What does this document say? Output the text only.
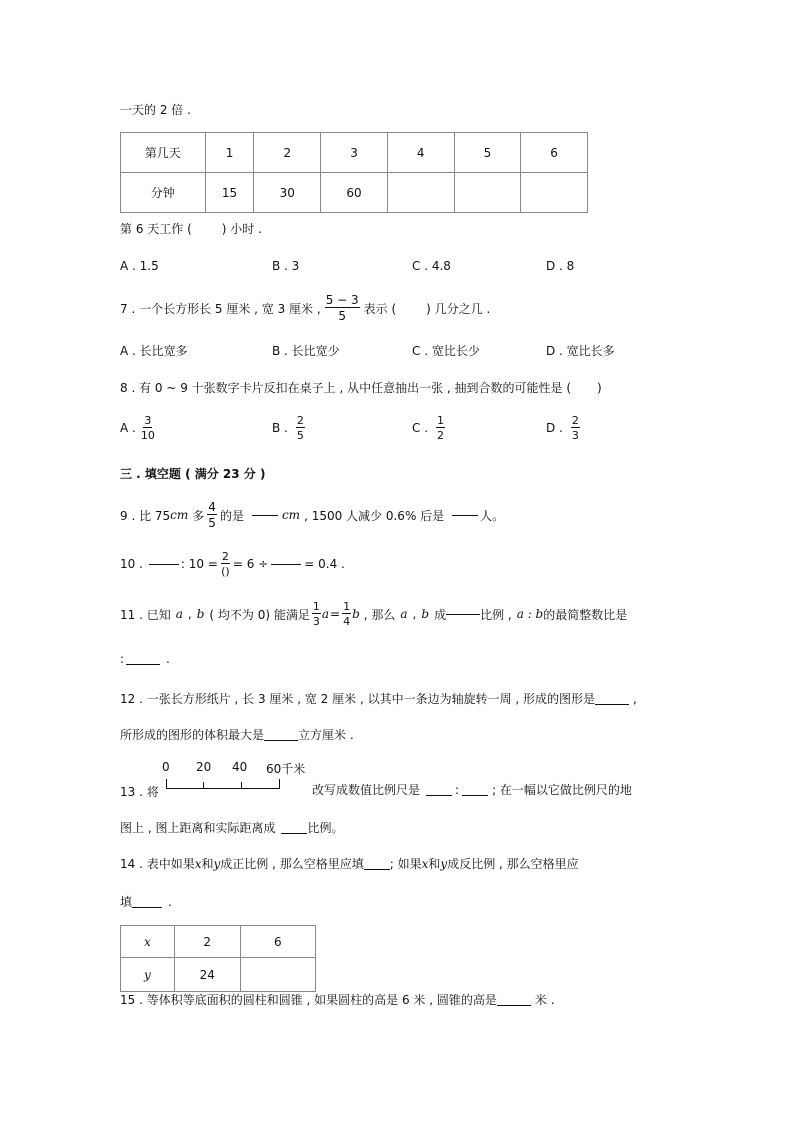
一天的 2 倍 .
第几天	1	2	3	4	5	6
分钟	15	30	60			
第 6 天工作 (	) 小时 .
A . 1.5	B . 3	C . 4.8	D . 8
7 . 一个长方形长 5 厘米 , 宽 3 厘米 , $\frac{5 - 3}{5}$ 表示 (	) 几分之几 .
A . 长比宽多	B . 长比宽少	C . 宽比长少	D . 宽比长多
8 . 有 0 ~ 9 十张数字卡片反扣在桌子上 , 从中任意抽出一张 , 抽到合数的可能性是 ( )
A . $\frac{3}{10}$	B . $\frac{2}{5}$	C . $\frac{1}{2}$	D . $\frac{2}{3}$
三 . 填空题 ( 满分 23 分 )
9 . 比 75 cm 多 $\frac{4}{5}$ 的是	cm , 1500 人减少 0.6% 后是	人。
10 .	: $10 = \frac{2}{()} = 6$ ÷	= 0.4 .
11 . 已知 a , b ( 均不为 0) 能满足 $\frac{1}{3}$ $a = \frac{1}{4}$ b , 那么 a , b 成	比例 , a : b 的最简整数比是
:	.
12 . 一张长方形纸片 , 长 3 厘米 , 宽 2 厘米 , 以其中一条边为轴旋转一周 , 形成的图形是	,
所形成的图形的体积最大是	立方厘米 .
0 20 40 60千米
13 . 将	改写成数值比例尺是	:	; 在一幅以它做比例尺的地
图上 , 图上距离和实际距离成	比例。
14 . 表中如果x和y成正比例 , 那么空格里应填 ; 如果x和y成反比例 , 那么空格里应
填	.
x	2	6
y	24	
15 . 等体积等底面积的圆柱和圆锥 , 如果圆柱的高是 6 米 , 圆锥的高是	米 .
